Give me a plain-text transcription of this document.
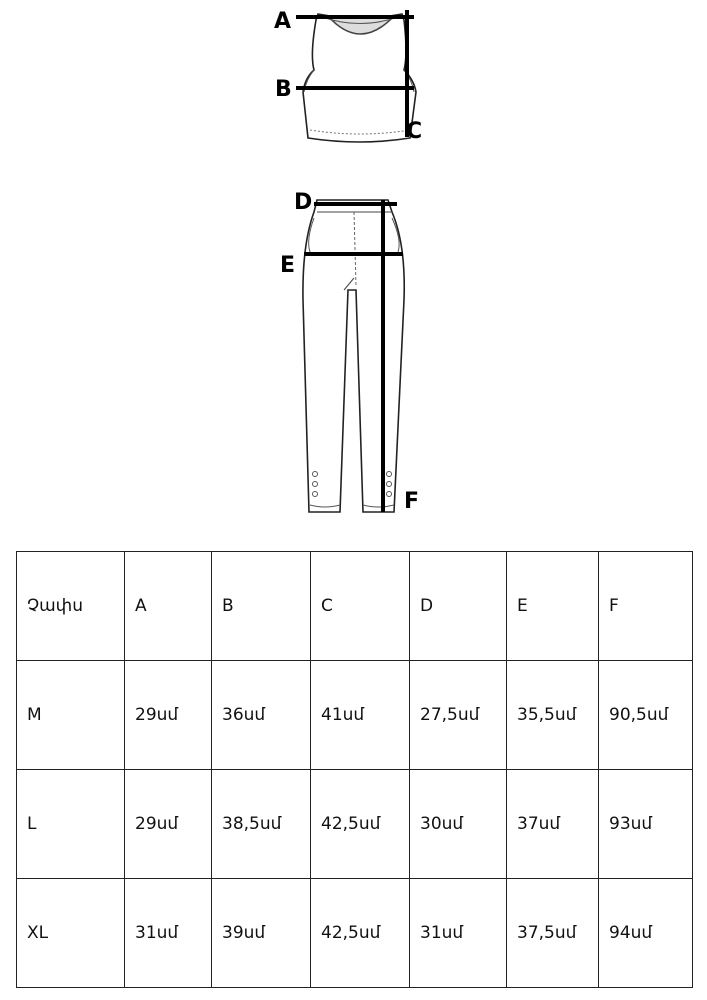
A
B
C
D
E
F
Չափս	A	B	C	D	E	F
M	29սմ	36սմ	41սմ	27,5սմ	35,5սմ	90,5սմ
L	29սմ	38,5սմ	42,5սմ	30սմ	37սմ	93սմ
XL	31սմ	39սմ	42,5սմ	31սմ	37,5սմ	94սմ
